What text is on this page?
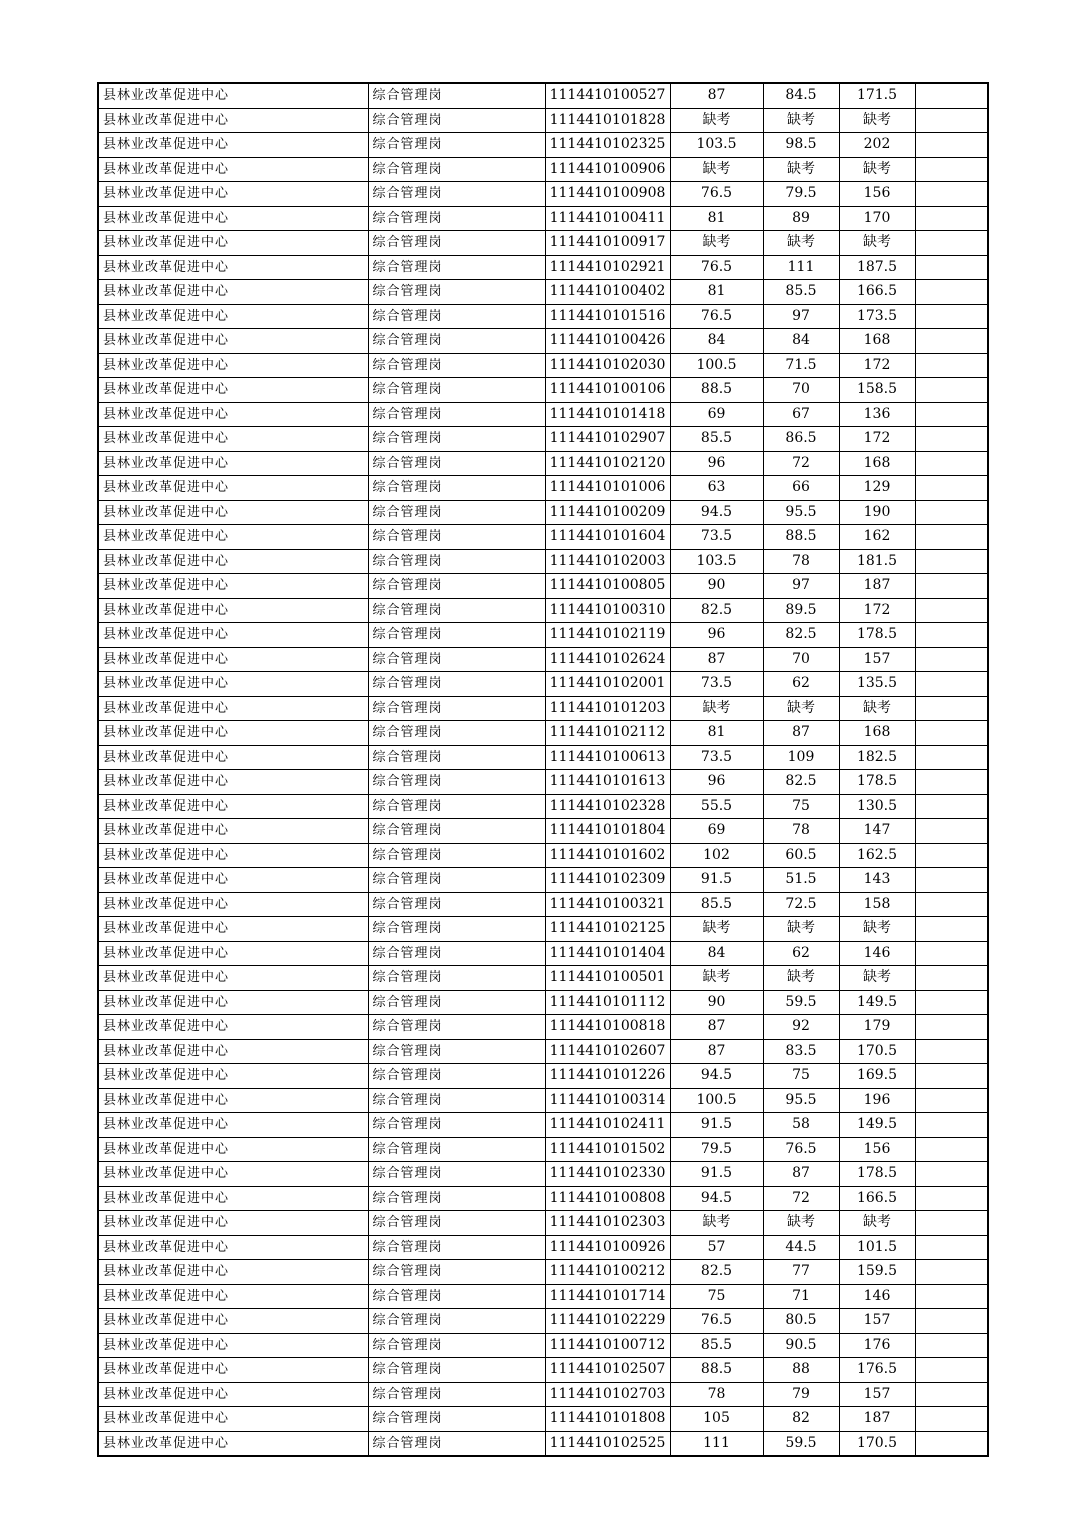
县林业改革促进中心	综合管理岗	1114410100527	87	84.5	171.5	
县林业改革促进中心	综合管理岗	1114410101828	缺考	缺考	缺考	
县林业改革促进中心	综合管理岗	1114410102325	103.5	98.5	202	
县林业改革促进中心	综合管理岗	1114410100906	缺考	缺考	缺考	
县林业改革促进中心	综合管理岗	1114410100908	76.5	79.5	156	
县林业改革促进中心	综合管理岗	1114410100411	81	89	170	
县林业改革促进中心	综合管理岗	1114410100917	缺考	缺考	缺考	
县林业改革促进中心	综合管理岗	1114410102921	76.5	111	187.5	
县林业改革促进中心	综合管理岗	1114410100402	81	85.5	166.5	
县林业改革促进中心	综合管理岗	1114410101516	76.5	97	173.5	
县林业改革促进中心	综合管理岗	1114410100426	84	84	168	
县林业改革促进中心	综合管理岗	1114410102030	100.5	71.5	172	
县林业改革促进中心	综合管理岗	1114410100106	88.5	70	158.5	
县林业改革促进中心	综合管理岗	1114410101418	69	67	136	
县林业改革促进中心	综合管理岗	1114410102907	85.5	86.5	172	
县林业改革促进中心	综合管理岗	1114410102120	96	72	168	
县林业改革促进中心	综合管理岗	1114410101006	63	66	129	
县林业改革促进中心	综合管理岗	1114410100209	94.5	95.5	190	
县林业改革促进中心	综合管理岗	1114410101604	73.5	88.5	162	
县林业改革促进中心	综合管理岗	1114410102003	103.5	78	181.5	
县林业改革促进中心	综合管理岗	1114410100805	90	97	187	
县林业改革促进中心	综合管理岗	1114410100310	82.5	89.5	172	
县林业改革促进中心	综合管理岗	1114410102119	96	82.5	178.5	
县林业改革促进中心	综合管理岗	1114410102624	87	70	157	
县林业改革促进中心	综合管理岗	1114410102001	73.5	62	135.5	
县林业改革促进中心	综合管理岗	1114410101203	缺考	缺考	缺考	
县林业改革促进中心	综合管理岗	1114410102112	81	87	168	
县林业改革促进中心	综合管理岗	1114410100613	73.5	109	182.5	
县林业改革促进中心	综合管理岗	1114410101613	96	82.5	178.5	
县林业改革促进中心	综合管理岗	1114410102328	55.5	75	130.5	
县林业改革促进中心	综合管理岗	1114410101804	69	78	147	
县林业改革促进中心	综合管理岗	1114410101602	102	60.5	162.5	
县林业改革促进中心	综合管理岗	1114410102309	91.5	51.5	143	
县林业改革促进中心	综合管理岗	1114410100321	85.5	72.5	158	
县林业改革促进中心	综合管理岗	1114410102125	缺考	缺考	缺考	
县林业改革促进中心	综合管理岗	1114410101404	84	62	146	
县林业改革促进中心	综合管理岗	1114410100501	缺考	缺考	缺考	
县林业改革促进中心	综合管理岗	1114410101112	90	59.5	149.5	
县林业改革促进中心	综合管理岗	1114410100818	87	92	179	
县林业改革促进中心	综合管理岗	1114410102607	87	83.5	170.5	
县林业改革促进中心	综合管理岗	1114410101226	94.5	75	169.5	
县林业改革促进中心	综合管理岗	1114410100314	100.5	95.5	196	
县林业改革促进中心	综合管理岗	1114410102411	91.5	58	149.5	
县林业改革促进中心	综合管理岗	1114410101502	79.5	76.5	156	
县林业改革促进中心	综合管理岗	1114410102330	91.5	87	178.5	
县林业改革促进中心	综合管理岗	1114410100808	94.5	72	166.5	
县林业改革促进中心	综合管理岗	1114410102303	缺考	缺考	缺考	
县林业改革促进中心	综合管理岗	1114410100926	57	44.5	101.5	
县林业改革促进中心	综合管理岗	1114410100212	82.5	77	159.5	
县林业改革促进中心	综合管理岗	1114410101714	75	71	146	
县林业改革促进中心	综合管理岗	1114410102229	76.5	80.5	157	
县林业改革促进中心	综合管理岗	1114410100712	85.5	90.5	176	
县林业改革促进中心	综合管理岗	1114410102507	88.5	88	176.5	
县林业改革促进中心	综合管理岗	1114410102703	78	79	157	
县林业改革促进中心	综合管理岗	1114410101808	105	82	187	
县林业改革促进中心	综合管理岗	1114410102525	111	59.5	170.5	
